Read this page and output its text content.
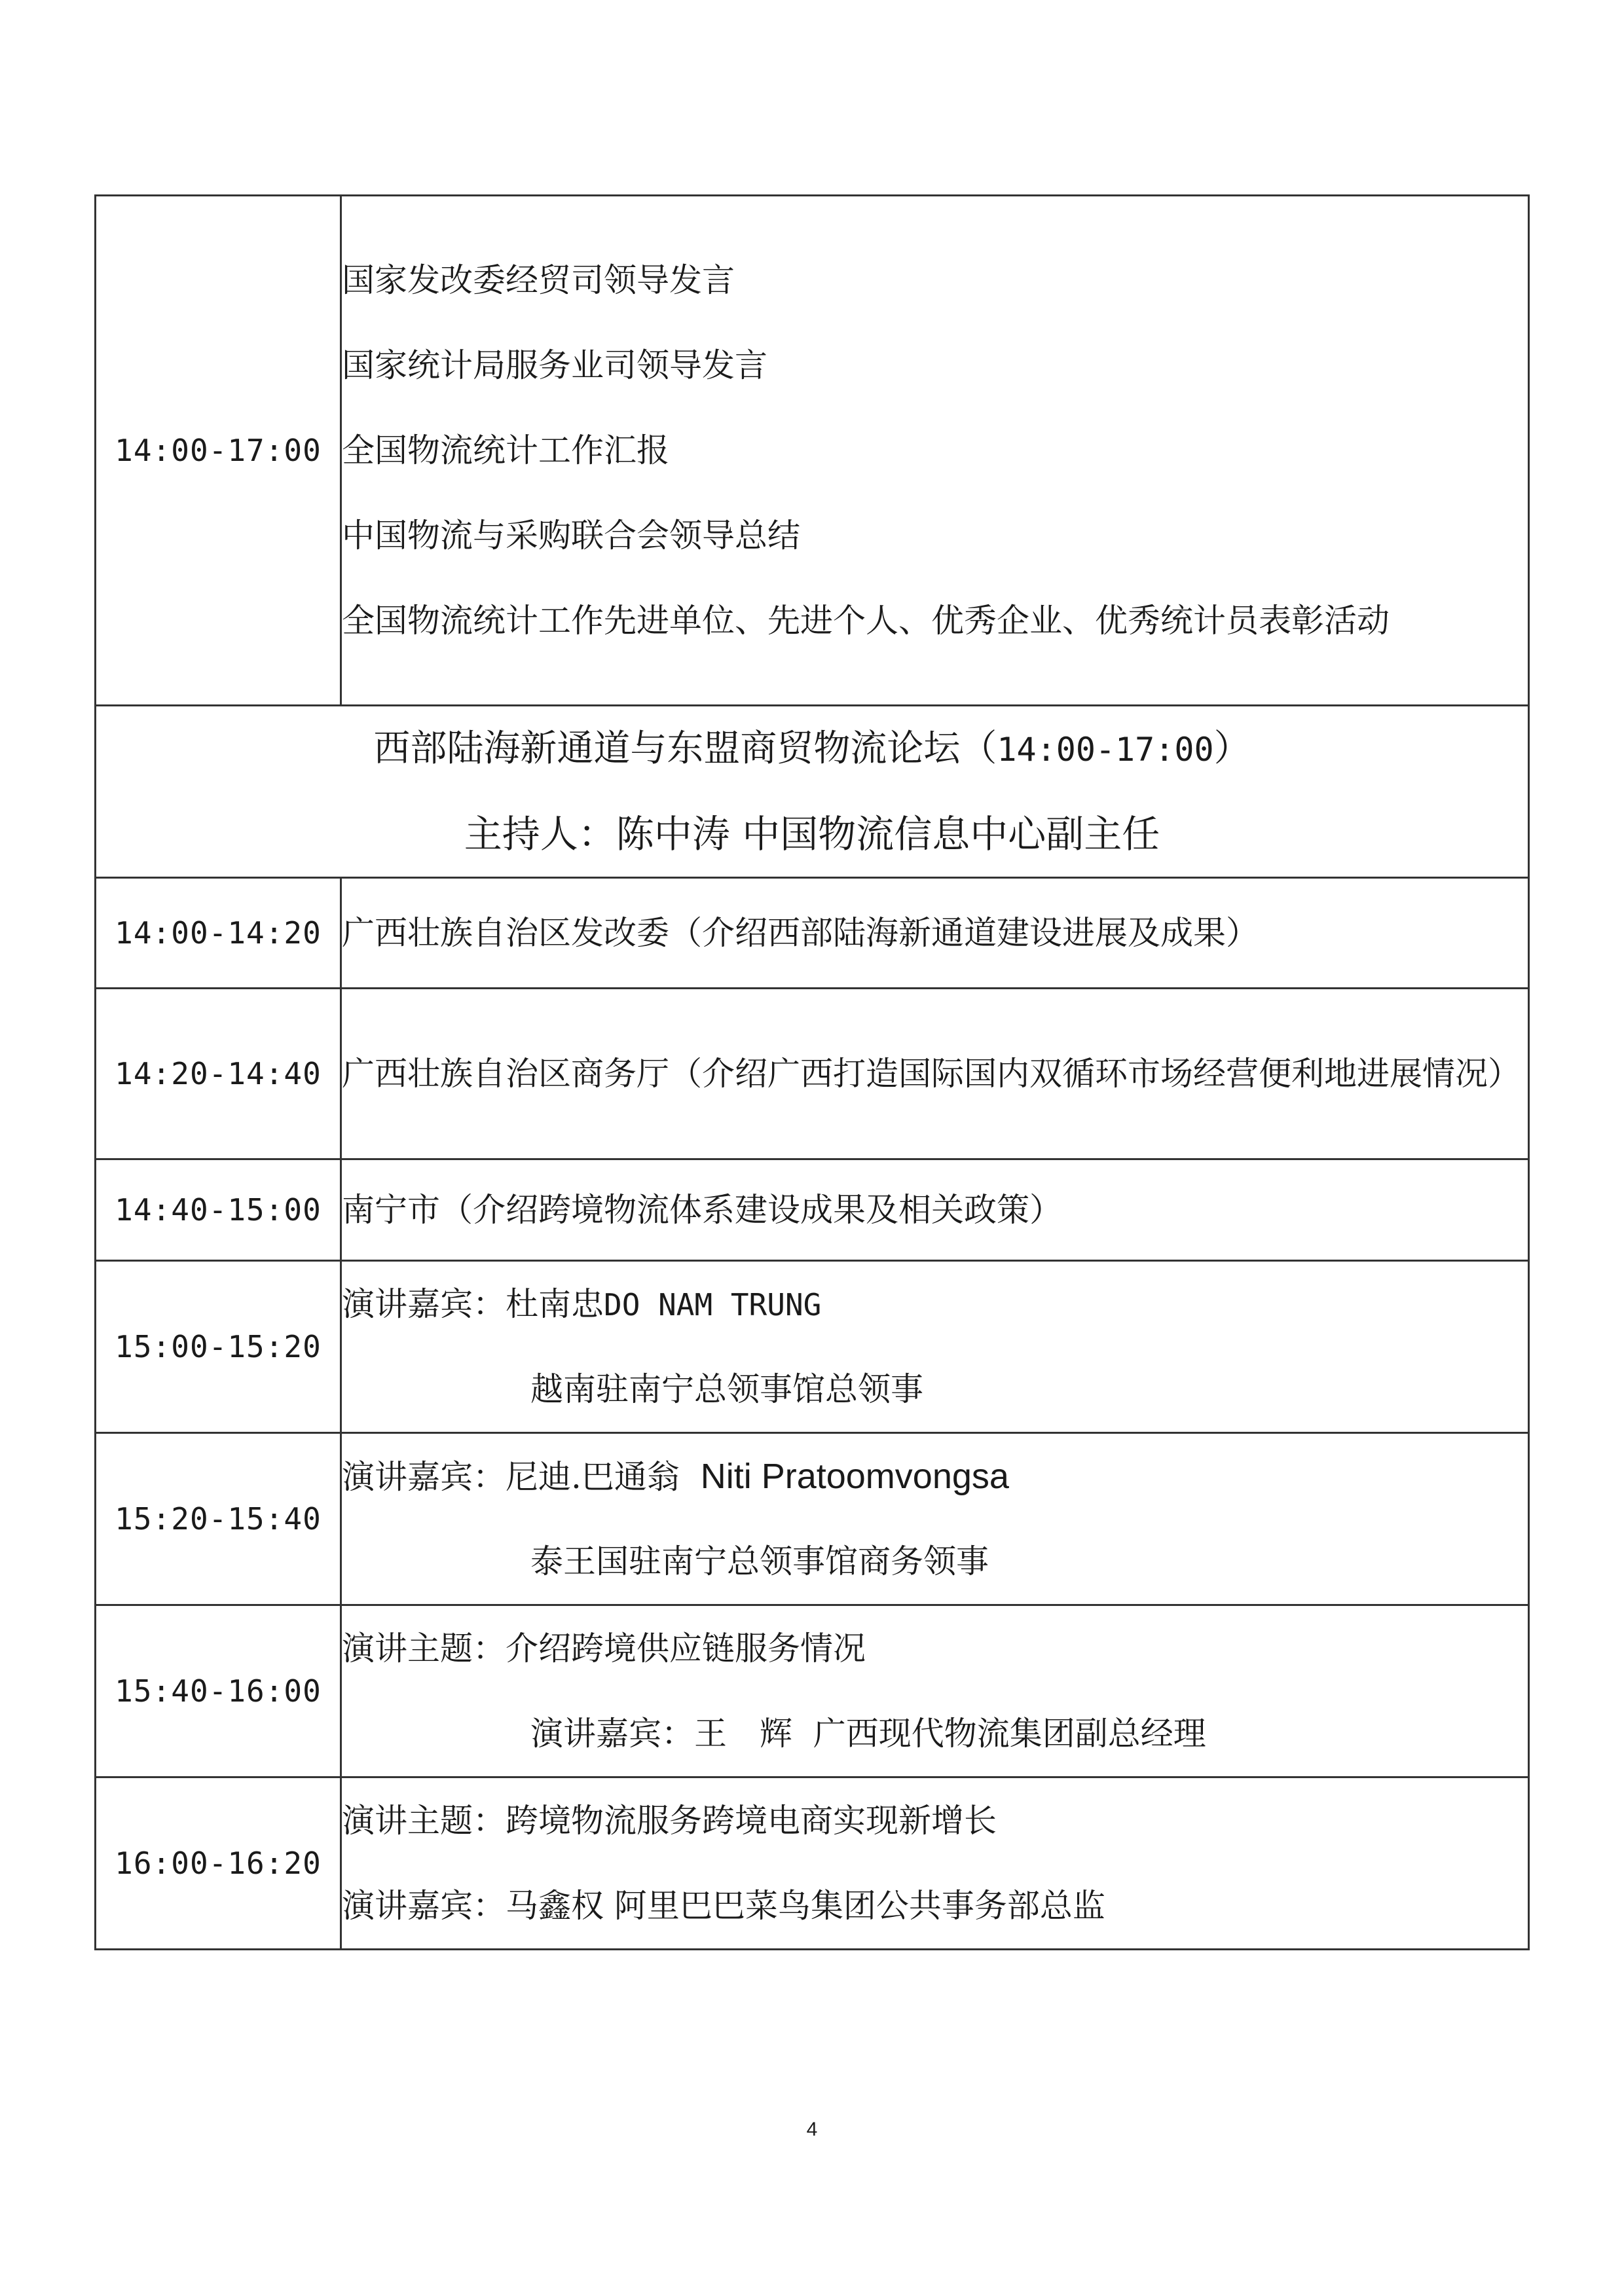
14:00-17:00	国家发改委经贸司领导发言
国家统计局服务业司领导发言
全国物流统计工作汇报
中国物流与采购联合会领导总结
全国物流统计工作先进单位、先进个人、优秀企业、优秀统计员表彰活动

西部陆海新通道与东盟商贸物流论坛（14:00-17:00）
主持人：陈中涛 中国物流信息中心副主任	

14:00-14:20	广西壮族自治区发改委（介绍西部陆海新通道建设进展及成果）

14:20-14:40	广西壮族自治区商务厅（介绍广西打造国际国内双循环市场经营便利地进展情况）

14:40-15:00	南宁市（介绍跨境物流体系建设成果及相关政策）

15:00-15:20	演讲嘉宾：杜南忠DO NAM TRUNG
越南驻南宁总领事馆总领事

15:20-15:40	演讲嘉宾：尼迪.巴通翁 Niti Pratoomvongsa
泰王国驻南宁总领事馆商务领事

15:40-16:00	演讲主题：介绍跨境供应链服务情况
演讲嘉宾：王　辉 广西现代物流集团副总经理

16:00-16:20	演讲主题：跨境物流服务跨境电商实现新增长
演讲嘉宾：马鑫权 阿里巴巴菜鸟集团公共事务部总监
4
